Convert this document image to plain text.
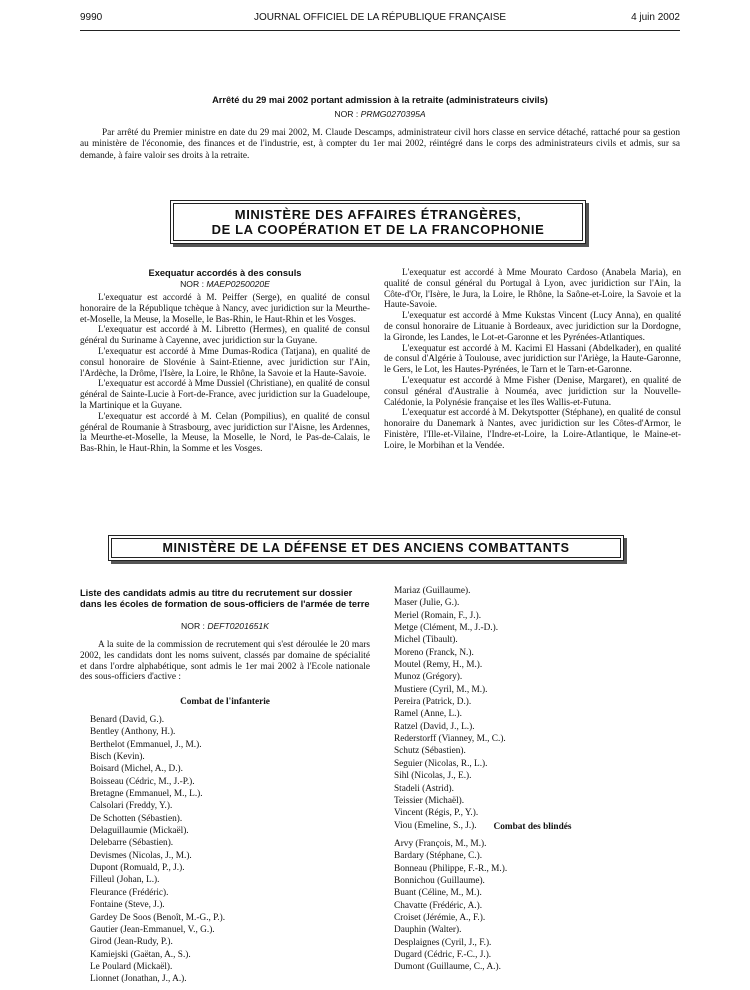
9990	JOURNAL OFFICIEL DE LA RÉPUBLIQUE FRANÇAISE	4 juin 2002
Arrêté du 29 mai 2002 portant admission à la retraite (administrateurs civils)
NOR : PRMG0270395A

Par arrêté du Premier ministre en date du 29 mai 2002, M. Claude Descamps, administrateur civil hors classe en service détaché, rattaché pour sa gestion au ministère de l'économie, des finances et de l'industrie, est, à compter du 1er mai 2002, réintégré dans le corps des administrateurs civils et admis, sur sa demande, à faire valoir ses droits à la retraite.

MINISTÈRE DES AFFAIRES ÉTRANGÈRES,
DE LA COOPÉRATION ET DE LA FRANCOPHONIE
Exequatur accordés à des consuls
NOR : MAEP0250020E

L'exequatur est accordé à M. Peiffer (Serge), en qualité de consul honoraire de la République tchèque à Nancy, avec juridiction sur la Meurthe-et-Moselle, la Meuse, la Moselle, le Bas-Rhin, le Haut-Rhin et les Vosges.

L'exequatur est accordé à M. Libretto (Hermes), en qualité de consul général du Suriname à Cayenne, avec juridiction sur la Guyane.

L'exequatur est accordé à Mme Dumas-Rodica (Tatjana), en qualité de consul honoraire de Slovénie à Saint-Etienne, avec juridiction sur l'Ain, l'Ardèche, la Drôme, l'Isère, la Loire, le Rhône, la Savoie et la Haute-Savoie.

L'exequatur est accordé à Mme Dussiel (Christiane), en qualité de consul général de Sainte-Lucie à Fort-de-France, avec juridiction sur la Guadeloupe, la Martinique et la Guyane.

L'exequatur est accordé à M. Celan (Pompilius), en qualité de consul général de Roumanie à Strasbourg, avec juridiction sur l'Aisne, les Ardennes, la Meurthe-et-Moselle, la Meuse, la Moselle, le Nord, le Pas-de-Calais, le Bas-Rhin, le Haut-Rhin, la Somme et les Vosges.

L'exequatur est accordé à Mme Mourato Cardoso (Anabela Maria), en qualité de consul général du Portugal à Lyon, avec juridiction sur l'Ain, la Côte-d'Or, l'Isère, le Jura, la Loire, le Rhône, la Saône-et-Loire, la Savoie et la Haute-Savoie.

L'exequatur est accordé à Mme Kukstas Vincent (Lucy Anna), en qualité de consul honoraire de Lituanie à Bordeaux, avec juridiction sur la Dordogne, la Gironde, les Landes, le Lot-et-Garonne et les Pyrénées-Atlantiques.

L'exequatur est accordé à M. Kacimi El Hassani (Abdelkader), en qualité de consul d'Algérie à Toulouse, avec juridiction sur l'Ariège, la Haute-Garonne, le Gers, le Lot, les Hautes-Pyrénées, le Tarn et le Tarn-et-Garonne.

L'exequatur est accordé à Mme Fisher (Denise, Margaret), en qualité de consul général d'Australie à Nouméa, avec juridiction sur la Nouvelle-Calédonie, la Polynésie française et les îles Wallis-et-Futuna.

L'exequatur est accordé à M. Dekytspotter (Stéphane), en qualité de consul honoraire du Danemark à Nantes, avec juridiction sur les Côtes-d'Armor, le Finistère, l'Ille-et-Vilaine, l'Indre-et-Loire, la Loire-Atlantique, le Maine-et-Loire, le Morbihan et la Vendée.

MINISTÈRE DE LA DÉFENSE ET DES ANCIENS COMBATTANTS
Liste des candidats admis au titre du recrutement sur dossier dans les écoles de formation de sous-officiers de l'armée de terre
NOR : DEFT0201651K

A la suite de la commission de recrutement qui s'est déroulée le 20 mars 2002, les candidats dont les noms suivent, classés par domaine de spécialité et dans l'ordre alphabétique, sont admis le 1er mai 2002 à l'Ecole nationale des sous-officiers d'active :

Combat de l'infanterie
Benard (David, G.).
Bentley (Anthony, H.).
Berthelot (Emmanuel, J., M.).
Bisch (Kevin).
Boisard (Michel, A., D.).
Boisseau (Cédric, M., J.-P.).
Bretagne (Emmanuel, M., L.).
Calsolari (Freddy, Y.).
De Schotten (Sébastien).
Delaguillaumie (Mickaël).
Delebarre (Sébastien).
Devismes (Nicolas, J., M.).
Dupont (Romuald, P., J.).
Filleul (Johan, L.).
Fleurance (Frédéric).
Fontaine (Steve, J.).
Gardey De Soos (Benoît, M.-G., P.).
Gautier (Jean-Emmanuel, V., G.).
Girod (Jean-Rudy, P.).
Kamiejski (Gaëtan, A., S.).
Le Poulard (Mickaël).
Lionnet (Jonathan, J., A.).
Mariaz (Guillaume).
Maser (Julie, G.).
Meriel (Romain, F., J.).
Metge (Clément, M., J.-D.).
Michel (Tibault).
Moreno (Franck, N.).
Moutel (Remy, H., M.).
Munoz (Grégory).
Mustiere (Cyril, M., M.).
Pereira (Patrick, D.).
Ramel (Anne, L.).
Ratzel (David, J., L.).
Rederstorff (Vianney, M., C.).
Schutz (Sébastien).
Seguier (Nicolas, R., L.).
Sihl (Nicolas, J., E.).
Stadeli (Astrid).
Teissier (Michaël).
Vincent (Régis, P., Y.).
Viou (Emeline, S., J.).	Combat des blindés
Arvy (François, M., M.).
Bardary (Stéphane, C.).
Bonneau (Philippe, F.-R., M.).
Bonnichou (Guillaume).
Buant (Céline, M., M.).
Chavatte (Frédéric, A.).
Croiset (Jérémie, A., F.).
Dauphin (Walter).
Desplaignes (Cyril, J., F.).
Dugard (Cédric, F.-C., J.).
Dumont (Guillaume, C., A.).
